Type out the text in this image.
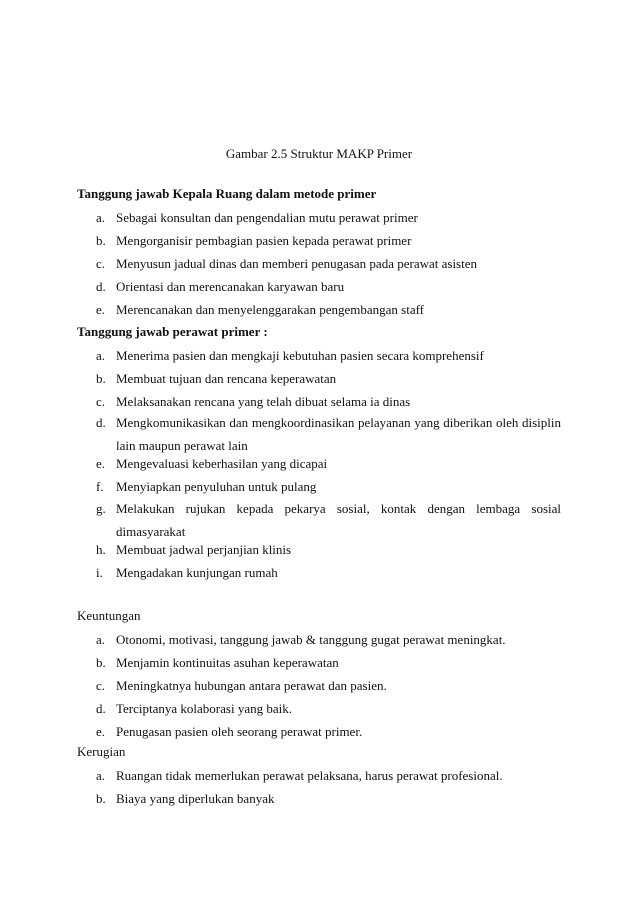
Gambar 2.5 Struktur MAKP Primer
Tanggung jawab Kepala Ruang dalam metode primer
a. Sebagai konsultan dan pengendalian mutu perawat primer
b. Mengorganisir pembagian pasien kepada perawat primer
c. Menyusun jadual dinas dan memberi penugasan pada perawat asisten
d. Orientasi dan merencanakan karyawan baru
e. Merencanakan dan menyelenggarakan pengembangan staff
Tanggung jawab perawat primer :
a. Menerima pasien dan mengkaji kebutuhan pasien secara komprehensif
b. Membuat tujuan dan rencana keperawatan
c. Melaksanakan rencana yang telah dibuat selama ia dinas
d. Mengkomunikasikan dan mengkoordinasikan pelayanan yang diberikan oleh disiplin lain maupun perawat lain
e. Mengevaluasi keberhasilan yang dicapai
f. Menyiapkan penyuluhan untuk pulang
g. Melakukan rujukan kepada pekarya sosial, kontak dengan lembaga sosial dimasyarakat
h. Membuat jadwal perjanjian klinis
i. Mengadakan kunjungan rumah
Keuntungan
a. Otonomi, motivasi, tanggung jawab & tanggung gugat perawat meningkat.
b. Menjamin kontinuitas asuhan keperawatan
c. Meningkatnya hubungan antara perawat dan pasien.
d. Terciptanya kolaborasi yang baik.
e. Penugasan pasien oleh seorang perawat primer.
Kerugian
a. Ruangan tidak memerlukan perawat pelaksana, harus perawat profesional.
b. Biaya yang diperlukan banyak
